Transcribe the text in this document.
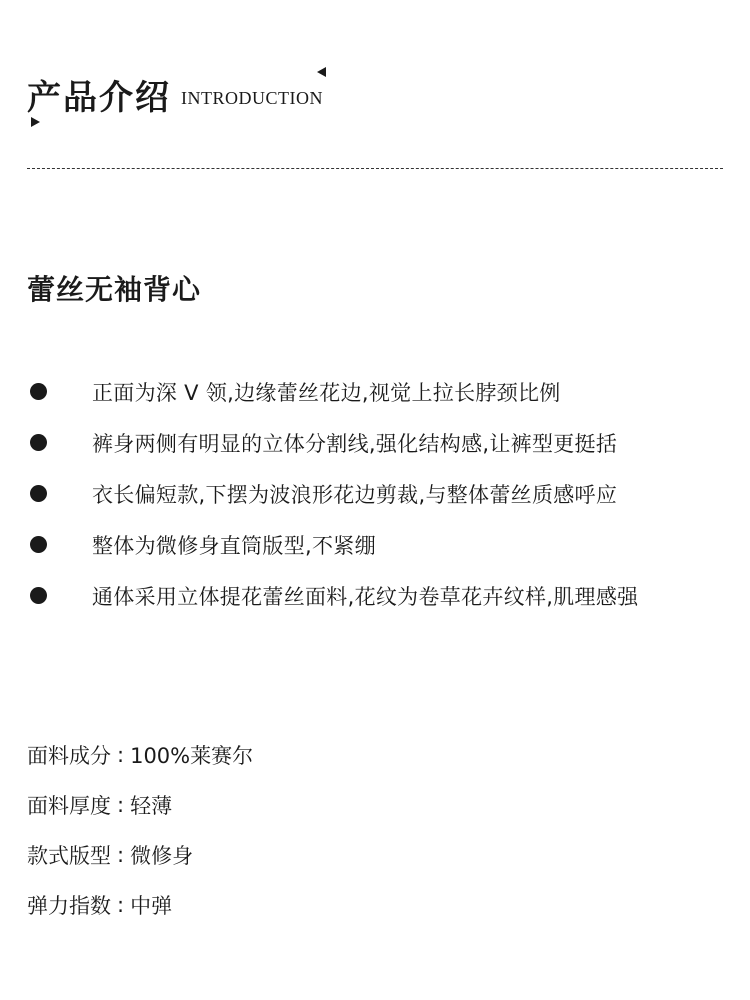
产品介绍 INTRODUCTION
蕾丝无袖背心
正面为深 V 领,边缘蕾丝花边,视觉上拉长脖颈比例
裤身两侧有明显的立体分割线,强化结构感,让裤型更挺括
衣长偏短款,下摆为波浪形花边剪裁,与整体蕾丝质感呼应
整体为微修身直筒版型,不紧绷
通体采用立体提花蕾丝面料,花纹为卷草花卉纹样,肌理感强
面料成分 : 100%莱赛尔
面料厚度 : 轻薄
款式版型 : 微修身
弹力指数 : 中弹
